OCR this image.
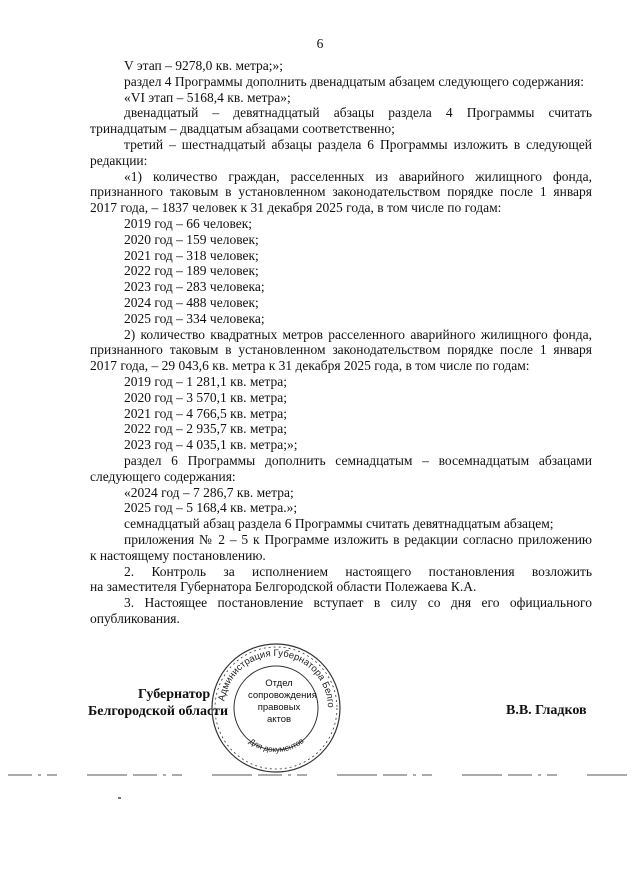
6
V этап – 9278,0 кв. метра;»;
раздел 4 Программы дополнить двенадцатым абзацем следующего содержания:
«VI этап – 5168,4 кв. метра»;
двенадцатый – девятнадцатый абзацы раздела 4 Программы считать
тринадцатым – двадцатым абзацами соответственно;
третий – шестнадцатый абзацы раздела 6 Программы изложить в следующей
редакции:
«1) количество граждан, расселенных из аварийного жилищного фонда,
признанного таковым в установленном законодательством порядке после 1 января
2017 года, – 1837 человек к 31 декабря 2025 года, в том числе по годам:
2019 год – 66 человек;
2020 год – 159 человек;
2021 год – 318 человек;
2022 год – 189 человек;
2023 год – 283 человека;
2024 год – 488 человек;
2025 год – 334 человека;
2) количество квадратных метров расселенного аварийного жилищного фонда,
признанного таковым в установленном законодательством порядке после 1 января
2017 года, – 29 043,6 кв. метра к 31 декабря 2025 года, в том числе по годам:
2019 год – 1 281,1 кв. метра;
2020 год – 3 570,1 кв. метра;
2021 год – 4 766,5 кв. метра;
2022 год – 2 935,7 кв. метра;
2023 год – 4 035,1 кв. метра;»;
раздел 6 Программы дополнить семнадцатым – восемнадцатым абзацами
следующего содержания:
«2024 год – 7 286,7 кв. метра;
2025 год – 5 168,4 кв. метра.»;
семнадцатый абзац раздела 6 Программы считать девятнадцатым абзацем;
приложения № 2 – 5 к Программе изложить в редакции согласно приложению
к настоящему постановлению.
2. Контроль за исполнением настоящего постановления возложить
на заместителя Губернатора Белгородской области Полежаева К.А.
3. Настоящее постановление вступает в силу со дня его официального
опубликования.
Губернатор
Белгородской области
Администрация Губернатора Белго
Для документов
Отдел
сопровождения
правовых
актов
В.В. Гладков
